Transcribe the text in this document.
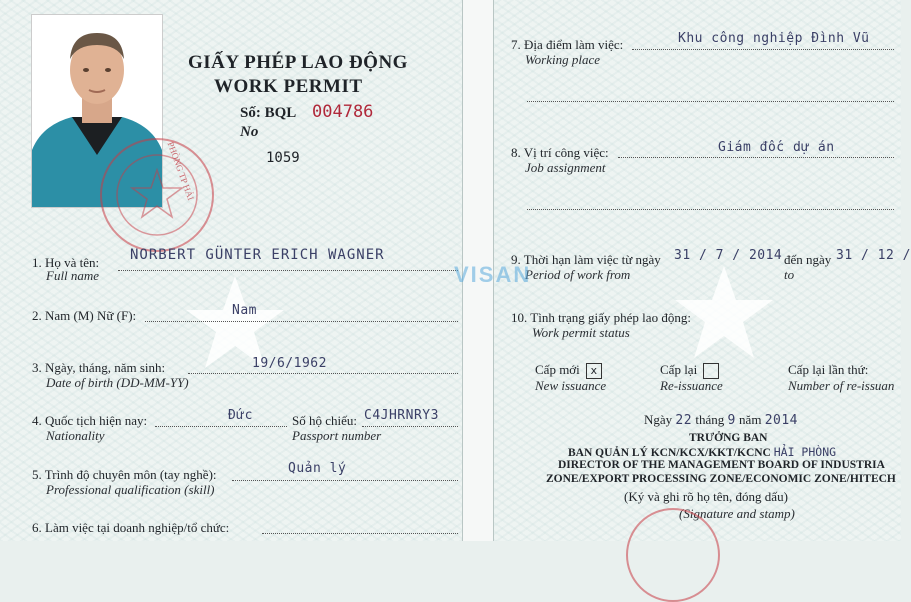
PHÒNG TP HẢI
GIẤY PHÉP LAO ĐỘNG
WORK PERMIT
Số: BQL 004786
No
1059
1. Họ và tên:
Full name
NORBERT GÜNTER ERICH WAGNER
2. Nam (M) Nữ (F):	Nam
3. Ngày, tháng, năm sinh:
Date of birth (DD-MM-YY)
19/6/1962
4. Quốc tịch hiện nay:
Nationality
Đức	Số hộ chiếu:
Passport number
C4JHRNRY3
5. Trình độ chuyên môn (tay nghề):
Professional qualification (skill)
Quản lý
6. Làm việc tại doanh nghiệp/tổ chức:
7. Địa điểm làm việc:
Working place
Khu công nghiệp Đình Vũ
8. Vị trí công việc:
Job assignment
Giám đốc dự án
9. Thời hạn làm việc từ ngày
Period of work from
31 / 7 / 2014 đến ngày
to
31 / 12 /
VISAN
10. Tình trạng giấy phép lao động:
Work permit status
Cấp mới x
New issuance
Cấp lại
Re-issuance
Cấp lại lần thứ:
Number of re-issuan
Ngày 22 tháng 9 năm 2014
TRƯỞNG BAN
BAN QUẢN LÝ KCN/KCX/KKT/KCNC HẢI PHÒNG
DIRECTOR OF THE MANAGEMENT BOARD OF INDUSTRIA
ZONE/EXPORT PROCESSING ZONE/ECONOMIC ZONE/HITECH
(Ký và ghi rõ họ tên, đóng dấu)
(Signature and stamp)
